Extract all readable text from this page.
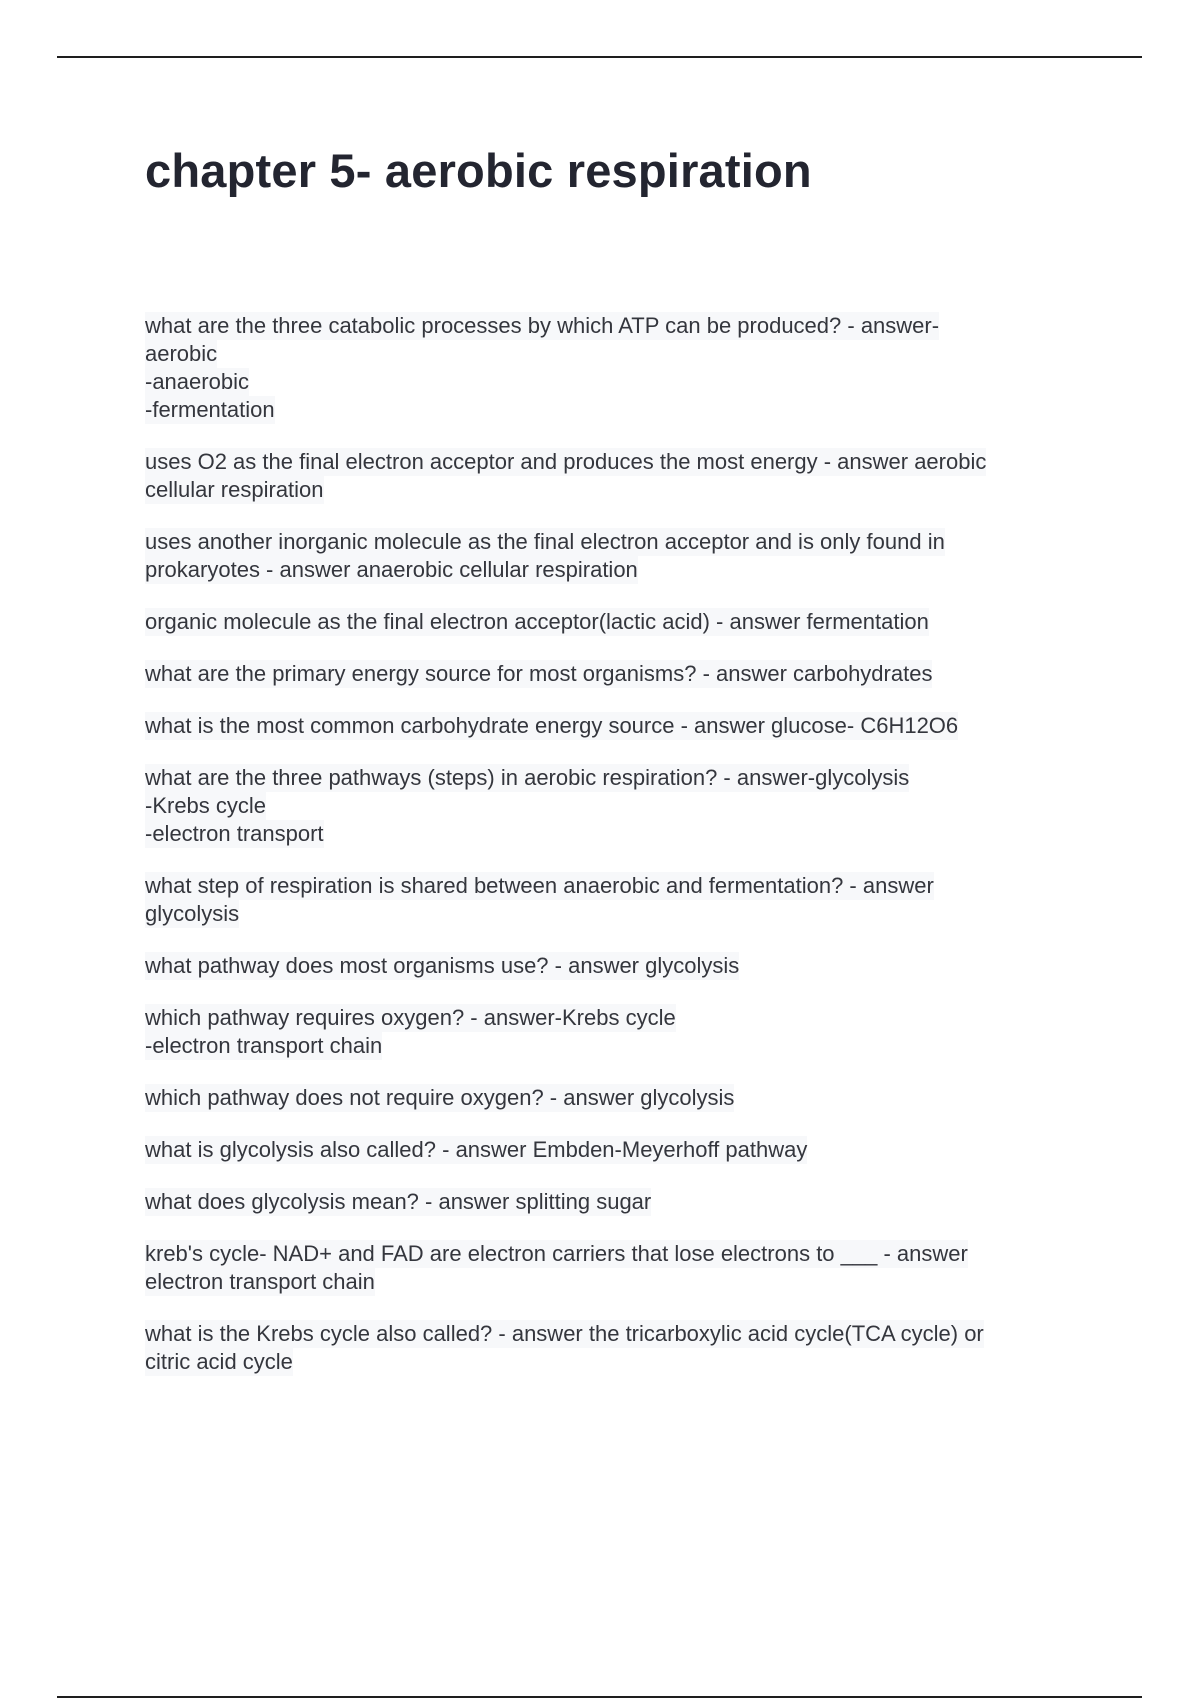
chapter 5- aerobic respiration
what are the three catabolic processes by which ATP can be produced? - answer-
aerobic
-anaerobic
-fermentation
uses O2 as the final electron acceptor and produces the most energy - answer aerobic
cellular respiration
uses another inorganic molecule as the final electron acceptor and is only found in
prokaryotes - answer anaerobic cellular respiration
organic molecule as the final electron acceptor(lactic acid) - answer fermentation
what are the primary energy source for most organisms? - answer carbohydrates
what is the most common carbohydrate energy source - answer glucose- C6H12O6
what are the three pathways (steps) in aerobic respiration? - answer-glycolysis
-Krebs cycle
-electron transport
what step of respiration is shared between anaerobic and fermentation? - answer
glycolysis
what pathway does most organisms use? - answer glycolysis
which pathway requires oxygen? - answer-Krebs cycle
-electron transport chain
which pathway does not require oxygen? - answer glycolysis
what is glycolysis also called? - answer Embden-Meyerhoff pathway
what does glycolysis mean? - answer splitting sugar
kreb's cycle- NAD+ and FAD are electron carriers that lose electrons to ___ - answer
electron transport chain
what is the Krebs cycle also called? - answer the tricarboxylic acid cycle(TCA cycle) or
citric acid cycle
